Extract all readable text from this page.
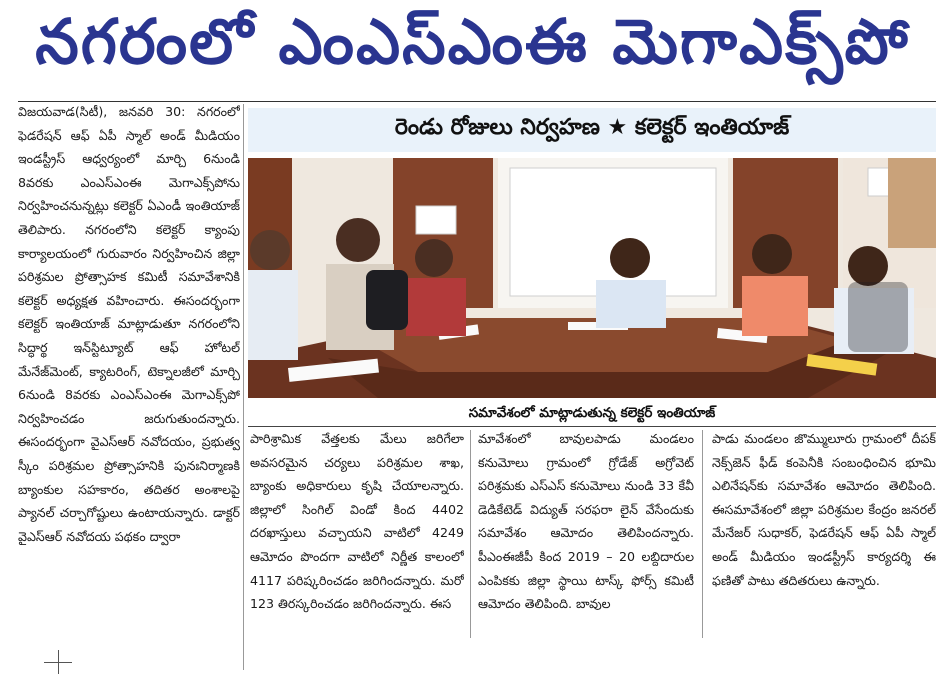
నగరంలో ఎంఎస్ఎంఈ మెగాఎక్స్‌పో

విజయవాడ(సిటీ), జనవరి 30: నగరంలో ఫెడరేషన్ ఆఫ్ ఏపీ స్మాల్ అండ్ మీడియం ఇండస్ట్రీస్ ఆధ్వర్యంలో మార్చి 6నుండి 8వరకు ఎంఎస్ఎంఈ మెగాఎక్స్‌పోను నిర్వహించనున్నట్లు కలెక్టర్ ఏఎండీ ఇంతియాజ్ తెలిపారు. నగరంలోని కలెక్టర్ క్యాంపు కార్యాలయంలో గురువారం నిర్వహించిన జిల్లా పరిశ్రమల ప్రోత్సాహక కమిటీ సమావేశానికి కలెక్టర్ అధ్యక్షత వహించారు. ఈసందర్భంగా కలెక్టర్ ఇంతియాజ్ మాట్లాడుతూ నగరంలోని సిద్ధార్థ ఇన్‌స్టిట్యూట్ ఆఫ్ హోటల్ మేనేజ్‌మెంట్, క్యాటరింగ్, టెక్నాలజీలో మార్చి 6నుండి 8వరకు ఎంఎస్ఎంఈ మెగాఎక్స్‌పో నిర్వహించడం జరుగుతుందన్నారు. ఈసందర్భంగా వైఎస్ఆర్ నవోదయం, ప్రభుత్వ స్కీం పరిశ్రమల ప్రోత్సాహనికి పునఃనిర్మాణకి బ్యాంకుల సహకారం, తదితర అంశాలపై ప్యానల్ చర్చాగోష్టులు ఉంటాయన్నారు. డాక్టర్ వైఎస్ఆర్ నవోదయ పథకం ద్వారా

రెండు రోజులు నిర్వహణ ★ కలెక్టర్ ఇంతియాజ్
సమావేశంలో మాట్లాడుతున్న కలెక్టర్ ఇంతియాజ్

పారిశ్రామిక వేత్తలకు మేలు జరిగేలా అవసరమైన చర్యలు పరిశ్రమల శాఖ, బ్యాంకు అధికారులు కృషి చేయాలన్నారు. జిల్లాలో సింగిల్ విండో కింద 4402 దరఖాస్తులు వచ్చాయని వాటిలో 4249 ఆమోదం పొందగా వాటిలో నిర్ణీత కాలంలో 4117 పరిష్కరించడం జరిగిందన్నారు. మరో 123 తిరస్కరించడం జరిగిందన్నారు. ఈస

మావేశంలో బావులపాడు మండలం కనుమోలు గ్రామంలో గ్రోడేజ్ అగ్రోవెట్ పరిశ్రమకు ఎస్ఎస్ కనుమోలు నుండి 33 కేవీ డెడికేటెడ్ విద్యుత్ సరఫరా లైన్ వేసేందుకు సమావేశం ఆమోదం తెలిపిందన్నారు. పీఎంఈజీపీ కింద 2019 – 20 లబ్దిదారుల ఎంపికకు జిల్లా స్థాయి టాస్క్ ఫోర్స్ కమిటీ ఆమోదం తెలిపింది. బావుల

పాడు మండలం జొమ్ములూరు గ్రామంలో దీపక్ నెక్స్‌జెన్ ఫీడ్ కంపెనీకి సంబంధించిన భూమి ఎలినేషన్‌కు సమావేశం ఆమోదం తెలిపింది. ఈసమావేశంలో జిల్లా పరిశ్రమల కేంద్రం జనరల్ మేనేజర్ సుధాకర్, ఫెడరేషన్ ఆఫ్ ఏపీ స్మాల్ అండ్ మీడియం ఇండస్ట్రీస్ కార్యదర్శి ఈ ఫణితో పాటు తదితరులు ఉన్నారు.
